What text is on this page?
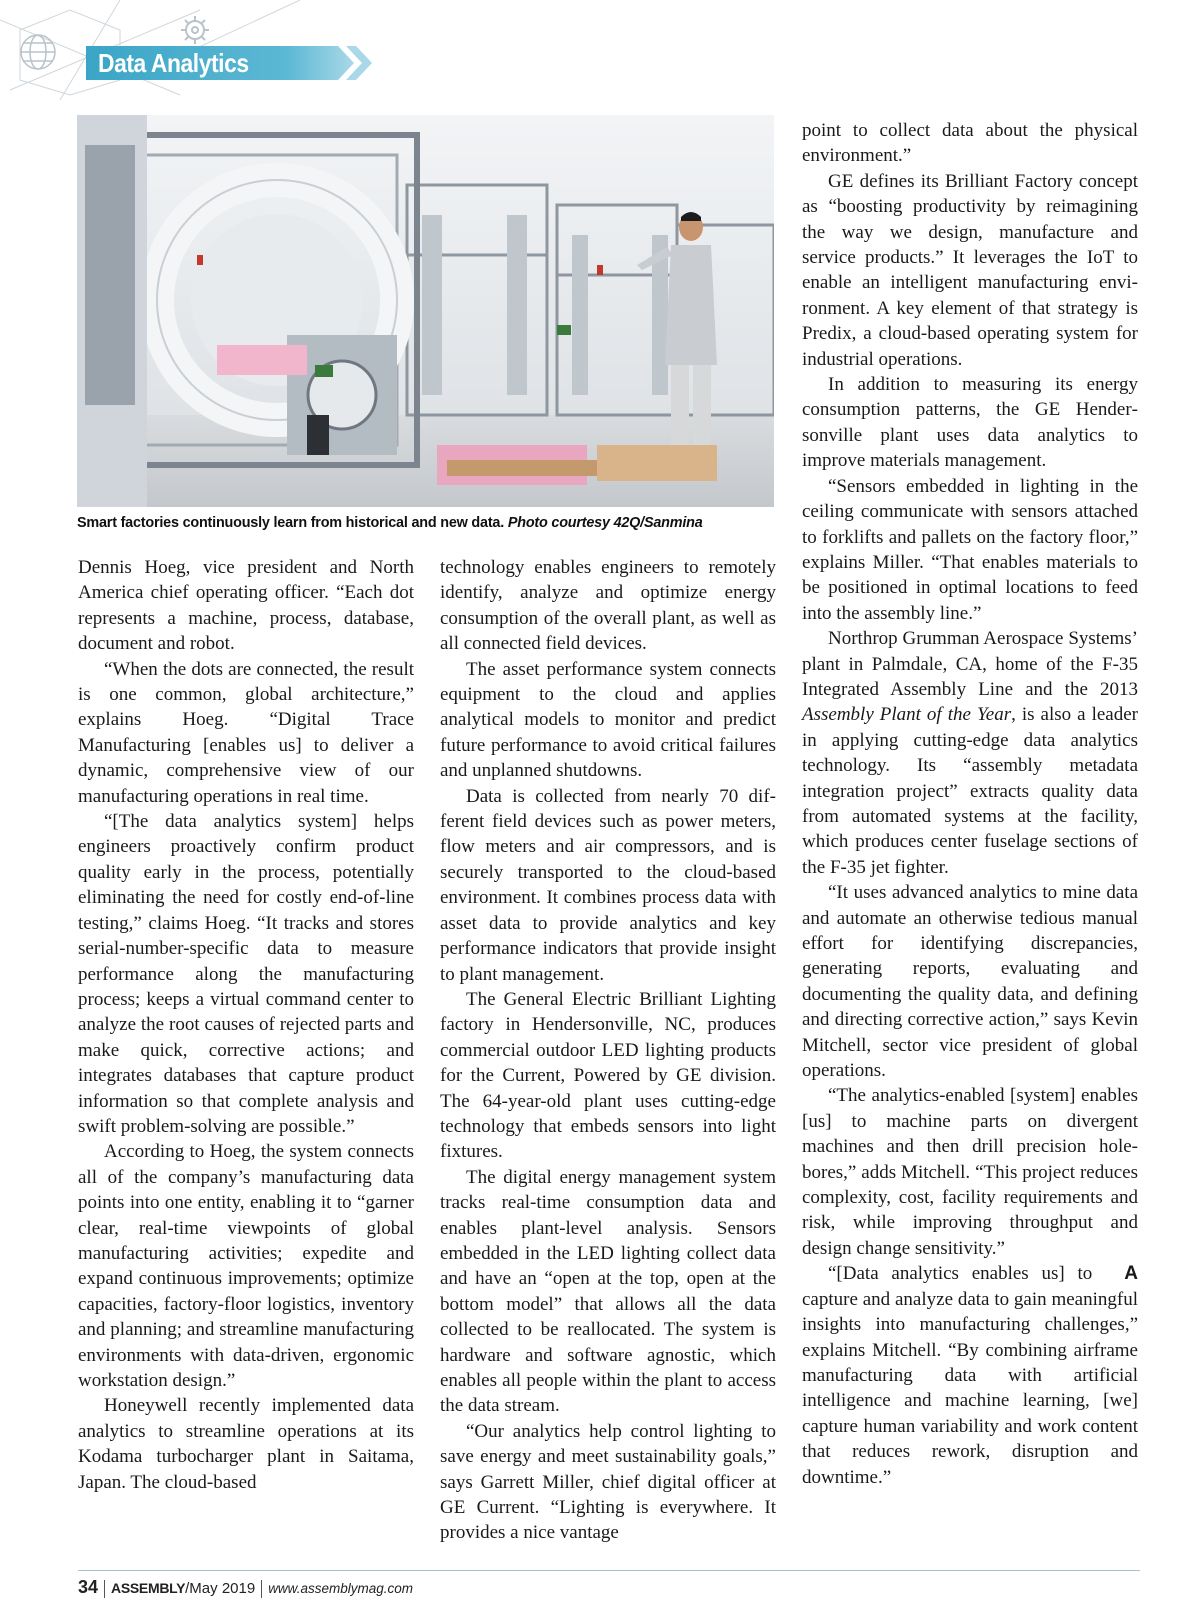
Data Analytics
Smart factories continuously learn from historical and new data. Photo courtesy 42Q/Sanmina

Dennis Hoeg, vice president and North America chief operating officer. “Each dot represents a machine, process, database, document and robot.

“When the dots are connected, the result is one common, global architecture,” explains Hoeg. “Digital Trace Manufacturing [enables us] to deliver a dynamic, comprehensive view of our manufacturing operations in real time.

“[The data analytics system] helps engineers proactively confirm product quality early in the process, potentially eliminating the need for costly end-of-line testing,” claims Hoeg. “It tracks and stores serial-number-specific data to measure performance along the manufacturing process; keeps a virtual command center to analyze the root causes of rejected parts and make quick, corrective actions; and integrates databases that capture product information so that complete analysis and swift problem-solving are possible.”

According to Hoeg, the system connects all of the company’s manufacturing data points into one entity, enabling it to “garner clear, real-time viewpoints of global manufacturing activities; expedite and expand continuous improvements; optimize capacities, factory-floor logistics, inventory and planning; and streamline manufacturing environments with data-driven, ergonomic workstation design.”

Honeywell recently implemented data analytics to streamline operations at its Kodama turbocharger plant in Saitama, Japan. The cloud-based

technology enables engineers to remotely identify, analyze and optimize energy consumption of the overall plant, as well as all connected field devices.

The asset performance system connects equipment to the cloud and applies analytical models to monitor and predict future performance to avoid critical failures and unplanned shutdowns.

Data is collected from nearly 70 different field devices such as power meters, flow meters and air compressors, and is securely transported to the cloud-based environment. It combines process data with asset data to provide analytics and key performance indicators that provide insight to plant management.

The General Electric Brilliant Lighting factory in Hendersonville, NC, produces commercial outdoor LED lighting products for the Current, Powered by GE division. The 64-year-old plant uses cutting-edge technology that embeds sensors into light fixtures.

The digital energy management system tracks real-time consumption data and enables plant-level analysis. Sensors embedded in the LED lighting collect data and have an “open at the top, open at the bottom model” that allows all the data collected to be reallocated. The system is hardware and software agnostic, which enables all people within the plant to access the data stream.

“Our analytics help control lighting to save energy and meet sustainability goals,” says Garrett Miller, chief digital officer at GE Current. “Lighting is everywhere. It provides a nice vantage

point to collect data about the physical environment.”

GE defines its Brilliant Factory concept as “boosting productivity by reimagining the way we design, manufacture and service products.” It leverages the IoT to enable an intelligent manufacturing environment. A key element of that strategy is Predix, a cloud-based operating system for industrial operations.

In addition to measuring its energy consumption patterns, the GE Hendersonville plant uses data analytics to improve materials management.

“Sensors embedded in lighting in the ceiling communicate with sensors attached to forklifts and pallets on the factory floor,” explains Miller. “That enables materials to be positioned in optimal locations to feed into the assembly line.”

Northrop Grumman Aerospace Systems’ plant in Palmdale, CA, home of the F-35 Integrated Assembly Line and the 2013 Assembly Plant of the Year, is also a leader in applying cutting-edge data analytics technology. Its “assembly metadata integration project” extracts quality data from automated systems at the facility, which produces center fuselage sections of the F-35 jet fighter.

“It uses advanced analytics to mine data and automate an otherwise tedious manual effort for identifying discrepancies, generating reports, evaluating and documenting the quality data, and defining and directing corrective action,” says Kevin Mitchell, sector vice president of global operations.

“The analytics-enabled [system] enables [us] to machine parts on divergent machines and then drill precision hole-bores,” adds Mitchell. “This project reduces complexity, cost, facility requirements and risk, while improving throughput and design change sensitivity.”

A
“[Data analytics enables us] to capture and analyze data to gain meaningful insights into manufacturing challenges,” explains Mitchell. “By combining airframe manufacturing data with artificial intelligence and machine learning, [we] capture human variability and work content that reduces rework, disruption and downtime.”

34 ASSEMBLY/May 2019 www.assemblymag.com
